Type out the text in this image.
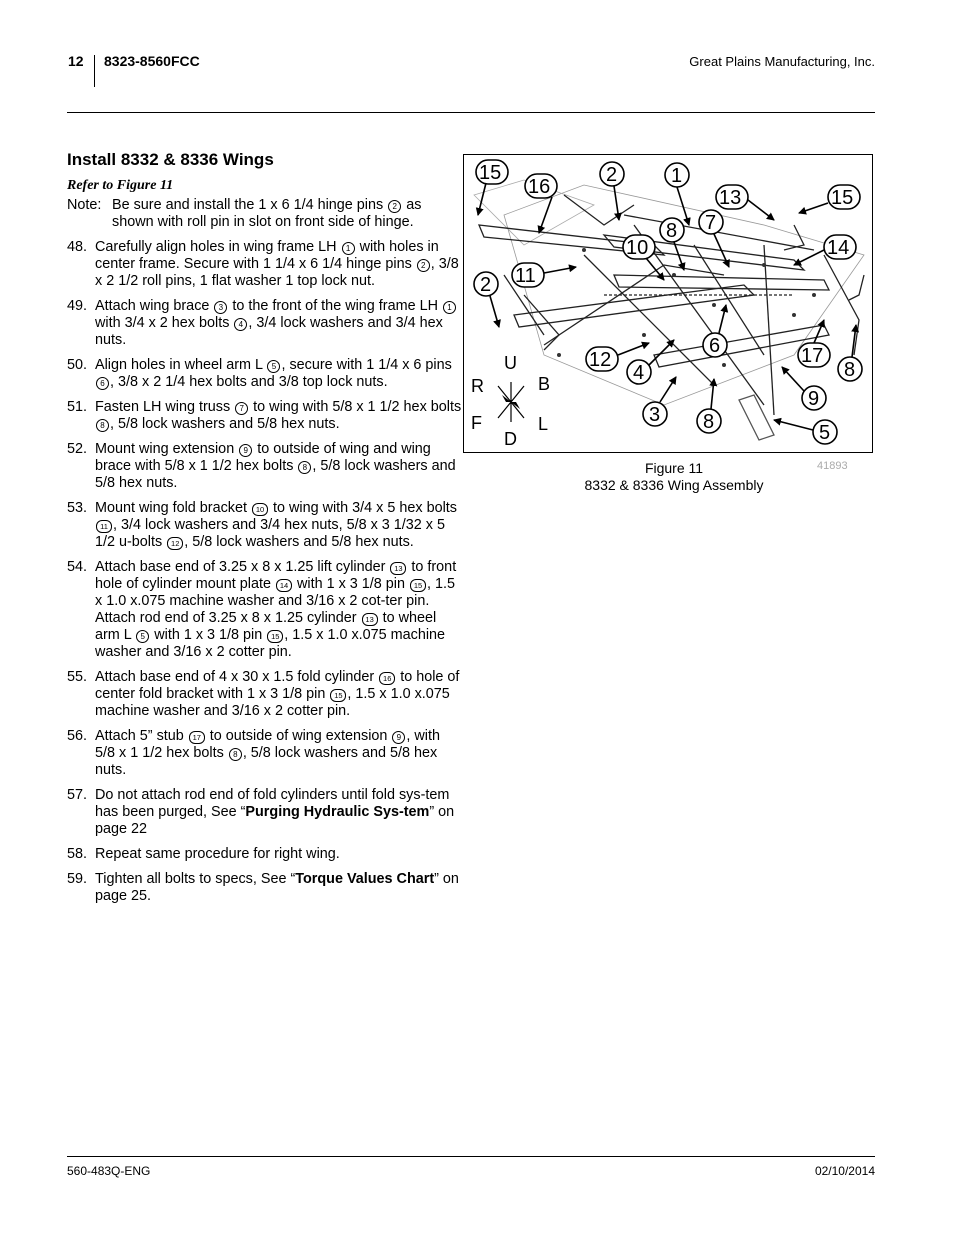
12 8323-8560FCC	Great Plains Manufacturing, Inc.
Install 8332 & 8336 Wings
Refer to Figure 11
Note: Be sure and install the 1 x 6 1/4 hinge pins 2 as shown with roll pin in slot on front side of hinge.
48. Carefully align holes in wing frame LH 1 with holes in center frame. Secure with 1 1/4 x 6 1/4 hinge pins 2 , 3/8 x 2 1/2 roll pins, 1 flat washer 1 top lock nut.
49. Attach wing brace 3 to the front of the wing frame LH 1 with 3/4 x 2 hex bolts 4 , 3/4 lock washers and 3/4 hex nuts.
50. Align holes in wheel arm L 5 , secure with 1 1/4 x 6 pins 6 , 3/8 x 2 1/4 hex bolts and 3/8 top lock nuts.
51. Fasten LH wing truss 7 to wing with 5/8 x 1 1/2 hex bolts 8 , 5/8 lock washers and 5/8 hex nuts.
52. Mount wing extension 9 to outside of wing and wing brace with 5/8 x 1 1/2 hex bolts 8 , 5/8 lock washers and 5/8 hex nuts.
53. Mount wing fold bracket 10 to wing with 3/4 x 5 hex bolts 11 , 3/4 lock washers and 3/4 hex nuts, 5/8 x 3 1/32 x 5 1/2 u-bolts 12 , 5/8 lock washers and 5/8 hex nuts.
54. Attach base end of 3.25 x 8 x 1.25 lift cylinder 13 to front hole of cylinder mount plate 14 with 1 x 3 1/8 pin 15 , 1.5 x 1.0 x.075 machine washer and 3/16 x 2 cot-ter pin. Attach rod end of 3.25 x 8 x 1.25 cylinder 13 to wheel arm L 5 with 1 x 3 1/8 pin 15 , 1.5 x 1.0 x.075 machine washer and 3/16 x 2 cotter pin.
55. Attach base end of 4 x 30 x 1.5 fold cylinder 16 to hole of center fold bracket with 1 x 3 1/8 pin 15 , 1.5 x 1.0 x.075 machine washer and 3/16 x 2 cotter pin.
56. Attach 5” stub 17 to outside of wing extension 9 , with 5/8 x 1 1/2 hex bolts 8 , 5/8 lock washers and 5/8 hex nuts.
57. Do not attach rod end of fold cylinders until fold sys-tem has been purged, See “Purging Hydraulic Sys-tem” on page 22
58. Repeat same procedure for right wing.
59. Tighten all bolts to specs, See “Torque Values Chart” on page 25.
U
D
R	B
F	L
15
16
2	1
13	15
8 7
10	14
2 11
6	17
8
12
4
9
3 8	5
Figure 11
8332 & 8336 Wing Assembly
41893
560-483Q-ENG	02/10/2014
